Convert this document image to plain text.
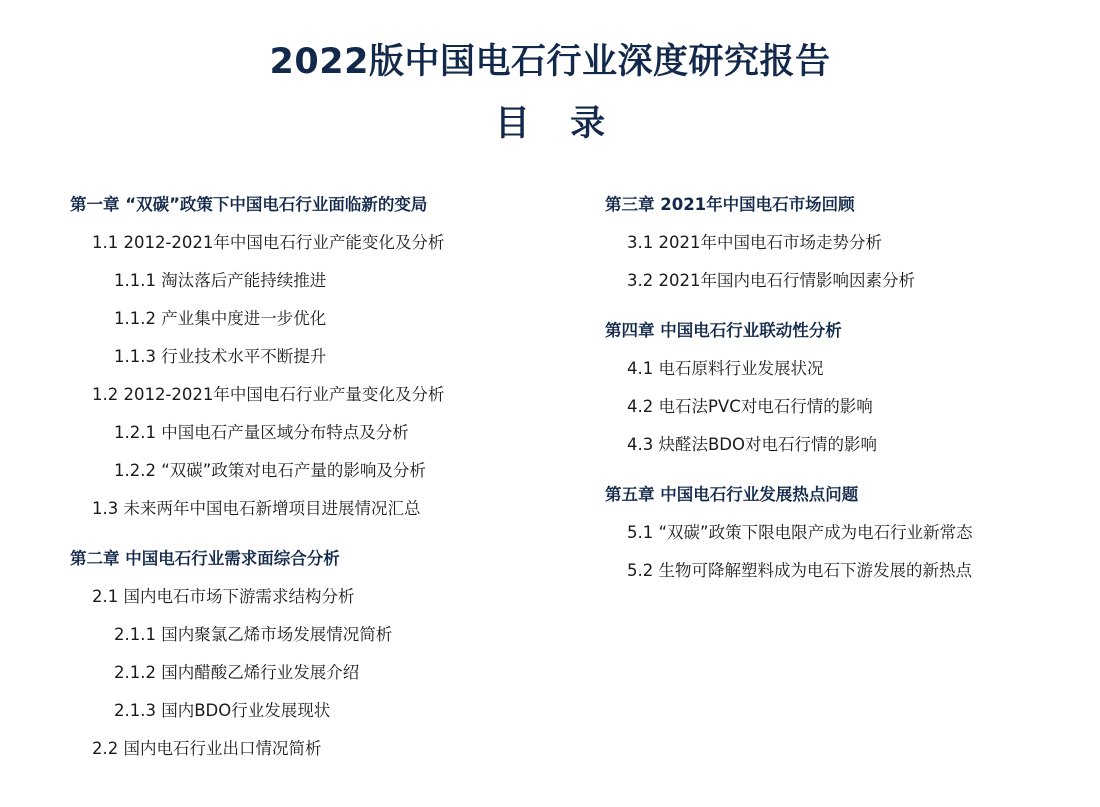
2022版中国电石行业深度研究报告
目 录
第一章 “双碳”政策下中国电石行业面临新的变局
1.1 2012-2021年中国电石行业产能变化及分析
1.1.1 淘汰落后产能持续推进
1.1.2 产业集中度进一步优化
1.1.3 行业技术水平不断提升
1.2 2012-2021年中国电石行业产量变化及分析
1.2.1 中国电石产量区域分布特点及分析
1.2.2 “双碳”政策对电石产量的影响及分析
1.3 未来两年中国电石新增项目进展情况汇总
第二章 中国电石行业需求面综合分析
2.1 国内电石市场下游需求结构分析
2.1.1 国内聚氯乙烯市场发展情况简析
2.1.2 国内醋酸乙烯行业发展介绍
2.1.3 国内BDO行业发展现状
2.2 国内电石行业出口情况简析
第三章 2021年中国电石市场回顾
3.1 2021年中国电石市场走势分析
3.2 2021年国内电石行情影响因素分析
第四章 中国电石行业联动性分析
4.1 电石原料行业发展状况
4.2 电石法PVC对电石行情的影响
4.3 炔醛法BDO对电石行情的影响
第五章 中国电石行业发展热点问题
5.1 “双碳”政策下限电限产成为电石行业新常态
5.2 生物可降解塑料成为电石下游发展的新热点
